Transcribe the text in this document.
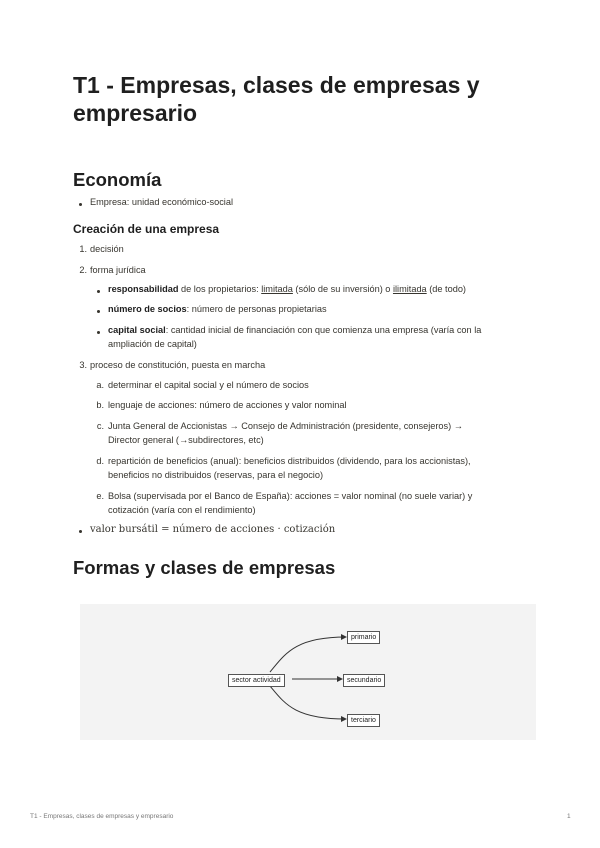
T1 - Empresas, clases de empresas y empresario
Economía
Empresa: unidad económico-social
Creación de una empresa
1. decisión
2. forma jurídica
responsabilidad de los propietarios: limitada (sólo de su inversión) o ilimitada (de todo)
número de socios: número de personas propietarias
capital social: cantidad inicial de financiación con que comienza una empresa (varía con la
ampliación de capital)
3. proceso de constitución, puesta en marcha
a. determinar el capital social y el número de socios
b. lenguaje de acciones: número de acciones y valor nominal
c. Junta General de Accionistas → Consejo de Administración (presidente, consejeros) →
Director general (→subdirectores, etc)
d. repartición de beneficios (anual): beneficios distribuidos (dividendo, para los accionistas),
beneficios no distribuidos (reservas, para el negocio)
e. Bolsa (supervisada por el Banco de España): acciones = valor nominal (no suele variar) y
cotización (varía con el rendimiento)
valor bursátil = número de acciones · cotización
Formas y clases de empresas
sector actividad
primario
secundario
terciario
T1 - Empresas, clases de empresas y empresario	1
